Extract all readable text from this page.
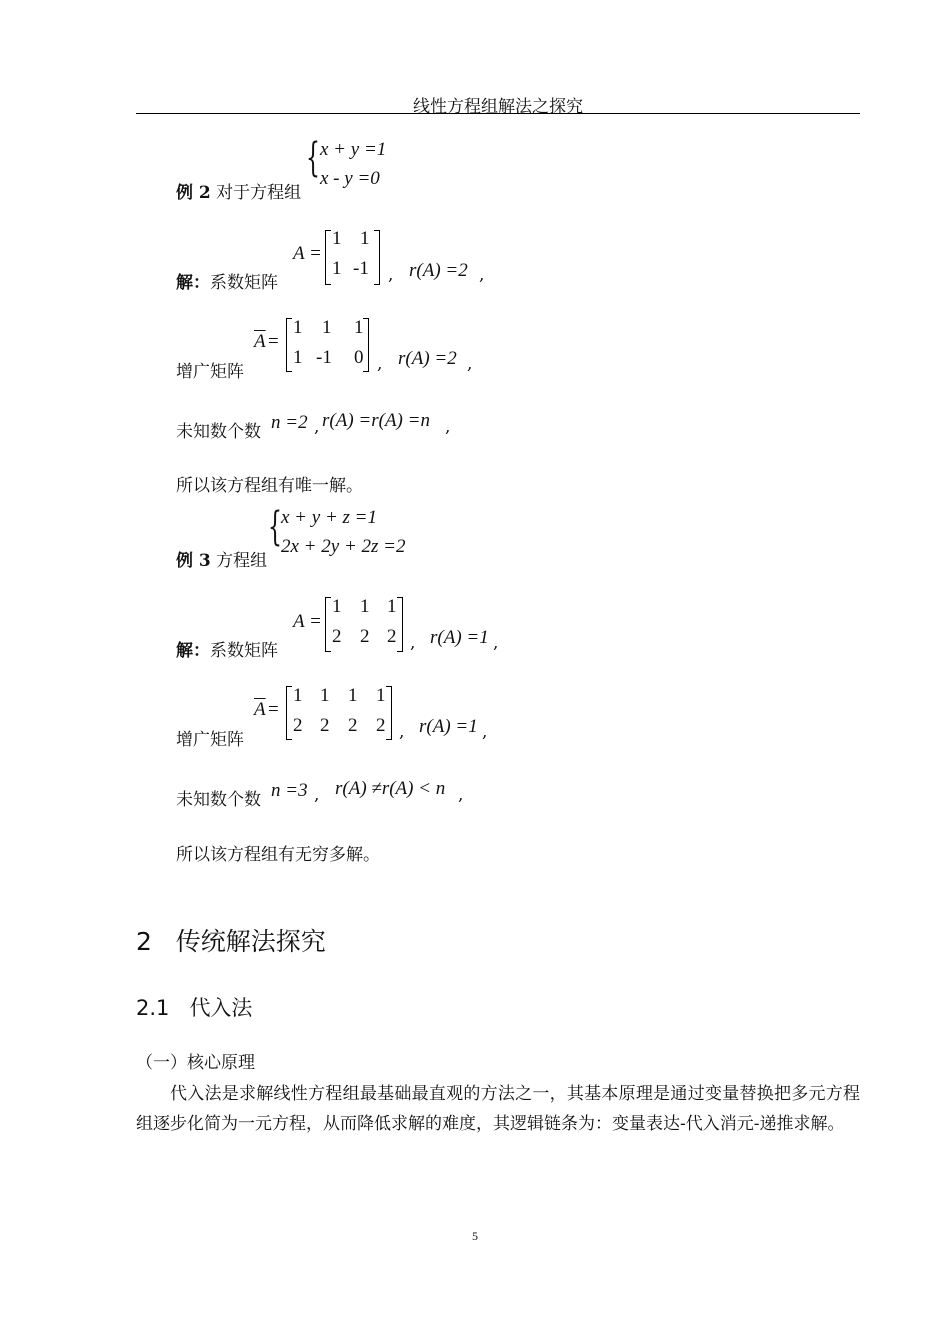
线性方程组解法之探究
例 2 对于方程组
{ x + y =1
x - y =0
解：系数矩阵
A =
1 1
1 -1 , r(A) =2 ,
增广矩阵
$\overline{A}$ =
1 1 1
1 -1 0 , r(A) =2 ,
未知数个数 n =2 , r(A) =r(A) =n ,
所以该方程组有唯一解。
例 3 方程组
{ x + y + z =1
2x + 2y + 2z =2
解：系数矩阵
A =
1 1 1
2 2 2 , r(A) =1 ,
增广矩阵
$\overline{A}$ =
1 1 1 1
2 2 2 2 , r(A) =1 ,
未知数个数 n =3 , r(A) ≠r(A) < n ,
所以该方程组有无穷多解。
2 传统解法探究
2.1 代入法
（一）核心原理
代入法是求解线性方程组最基础最直观的方法之一，其基本原理是通过变量替换把多元方程组逐步化简为一元方程，从而降低求解的难度，其逻辑链条为：变量表达-代入消元-递推求解。
5
